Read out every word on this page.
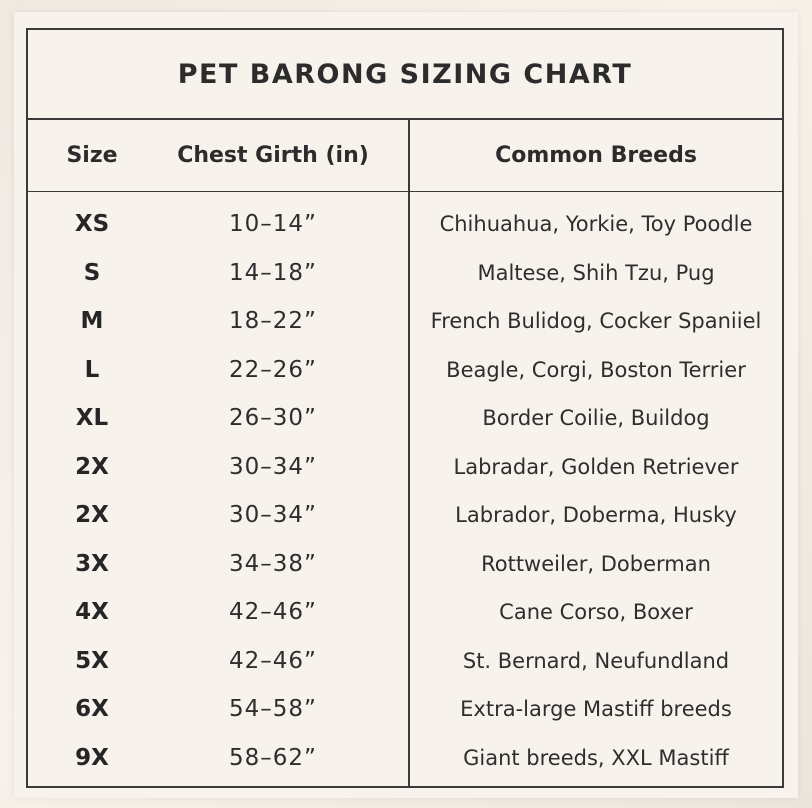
PET BARONG SIZING CHART
Size	Chest Girth (in)	Common Breeds
XS	10–14”	Chihuahua, Yorkie, Toy Poodle
S	14–18”	Maltese, Shih Tzu, Pug
M	18–22”	French Bulidog, Cocker Spaniiel
L	22–26”	Beagle, Corgi, Boston Terrier
XL	26–30”	Border Coilie, Buildog
2X	30–34”	Labradar, Golden Retriever
2X	30–34”	Labrador, Doberma, Husky
3X	34–38”	Rottweiler, Doberman
4X	42–46”	Cane Corso, Boxer
5X	42–46”	St. Bernard, Neufundland
6X	54–58”	Extra-large Mastiff breeds
9X	58–62”	Giant breeds, XXL Mastiff
